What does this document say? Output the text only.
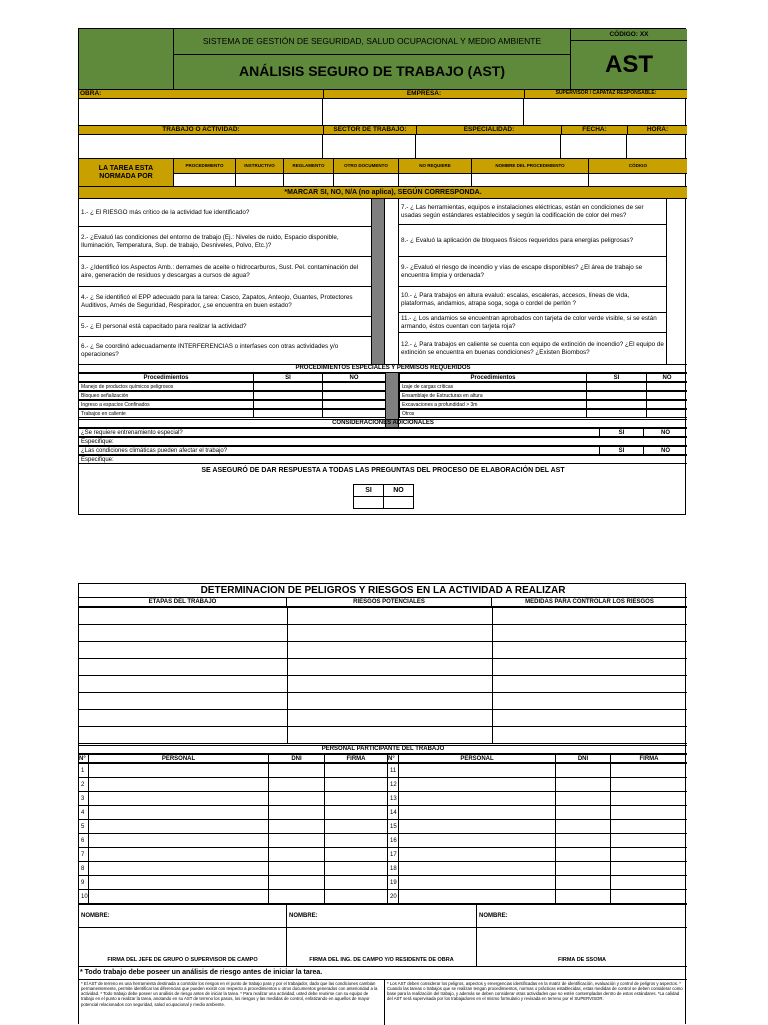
SISTEMA DE GESTIÓN DE SEGURIDAD, SALUD OCUPACIONAL Y MEDIO AMBIENTE
ANÁLISIS SEGURO DE TRABAJO (AST)
CÓDIGO: XX
AST
OBRA:	EMPRESA:	SUPERVISOR / CAPATAZ RESPONSABLE:
TRABAJO O ACTIVIDAD:	SECTOR DE TRABAJO:	ESPECIALIDAD:	FECHA:	HORA:
LA TAREA ESTA NORMADA POR
PROCEDIMIENTO	INSTRUCTIVO	REGLAMENTO	OTRO DOCUMENTO	NO REQUIERE	NOMBRE DEL PROCEDIMIENTO	CÓDIGO
*MARCAR SI, NO, N/A (no aplica), SEGÚN CORRESPONDA.
1.- ¿ El RIESGO más crítico de la actividad fue identificado?
2.- ¿Evaluó las condiciones del entorno de trabajo (Ej.: Niveles de ruido, Espacio disponible, Iluminación, Temperatura, Sup. de trabajo, Desniveles, Polvo, Etc.)?
3.- ¿Identificó los Aspectos Amb.: derrames de aceite o hidrocarburos, Sust. Pel. contaminación del aire, generación de residuos y descargas a cursos de agua?
4.- ¿ Se identificó el EPP adecuado para la tarea: Casco, Zapatos, Anteojo, Guantes, Protectores Auditivos, Arnés de Seguridad, Respirador, ¿se encuentra en buen estado?
5.- ¿ El personal está capacitado para realizar la actividad?
6.- ¿ Se coordinó adecuadamente INTERFERENCIAS o interfases con otras actividades y/o operaciones?
7.- ¿ Las herramientas, equipos e instalaciones eléctricas, están en condiciones de ser usadas según estándares establecidos y según la codificación de color del mes?
8.- ¿ Evaluó la aplicación de bloqueos físicos requeridos para energías peligrosas?
9.- ¿Evaluó el riesgo de incendio y vías de escape disponibles? ¿El área de trabajo se encuentra limpia y ordenada?
10.- ¿ Para trabajos en altura evaluó: escalas, escaleras, accesos, líneas de vida, plataformas, andamios, atrapa soga, soga o cordel de perlón ?
11.- ¿ Los andamios se encuentran aprobados con tarjeta de color verde visible, si se están armando, éstos cuentan con tarjeta roja?
12.- ¿ Para trabajos en caliente se cuenta con equipo de extinción de incendio? ¿El equipo de extinción se encuentra en buenas condiciones? ¿Existen Biombos?
PROCEDIMIENTOS ESPECIALES Y PERMISOS REQUERIDOS
Procedimientos	SI	NO	Procedimientos	SI	NO
Manejo de productos químicos peligrosos	Izaje de cargas críticas
Bloqueo señalización	Ensamblaje de Estructuras en altura
Ingreso a espacios Confinados	Excavaciones a profundidad > 3m
Trabajos en caliente	Otros
CONSIDERACIONES ADICIONALES
¿Se requiere entrenamiento especial?	SI	NO
Especifique:
¿Las condiciones climáticas pueden afectar el trabajo?	SI	NO
Especifique:
SE ASEGURÓ DE DAR RESPUESTA A TODAS LAS PREGUNTAS DEL PROCESO DE ELABORACIÓN DEL AST
SI	NO
DETERMINACION DE PELIGROS Y RIESGOS EN LA ACTIVIDAD A REALIZAR
ETAPAS DEL TRABAJO	RIESGOS POTENCIALES	MEDIDAS PARA CONTROLAR LOS RIESGOS
PERSONAL PARTICIPANTE DEL TRABAJO
N°	PERSONAL	DNI	FIRMA	N°	PERSONAL	DNI	FIRMA
1	11
2	12
3	13
4	14
5	15
6	16
7	17
8	18
9	19
10	20
NOMBRE:	NOMBRE:	NOMBRE:
FIRMA DEL JEFE DE GRUPO O SUPERVISOR DE CAMPO	FIRMA DEL ING. DE CAMPO Y/O RESIDENTE DE OBRA	FIRMA DE SSOMA
* Todo trabajo debe poseer un análisis de riesgo antes de iniciar la tarea.
* El AST de terreno es una herramienta destinada a controlar los riesgos en el punto de trabajo para y por el trabajador, dado que las condiciones cambian permanentemente, permite identificar las diferencias que pueden existir con respecto a procedimientos u otros documentos generados con anterioridad a la actividad. * Todo trabajo debe poseer un análisis de riesgo antes de iniciar la tarea. * Para realizar una actividad, usted debe reunirse con su equipo de trabajo en el punto a realizar la tarea, anotando en su AST de terreno los pasos, los riesgos y las medidas de control, enfatizando en aquellos de mayor potencial relacionados con seguridad, salud ocupacional y medio ambiente.
* Los AST deben considerar los peligros, aspectos y emergencias identificadas en la matriz de identificación, evaluación y control de peligros y aspectos. * Cuando las tareas o trabajos que se realizan tengan procedimientos, normas o prácticas establecidas, estas medidas de control se deben considerar como base para la realización del trabajo, y además se deben considerar otras actividades que no estén contempladas dentro de estos estándares. *La calidad del AST será supervisada por los trabajadores en el mismo formulario y revisada en terreno por el SUPERVISOR.
